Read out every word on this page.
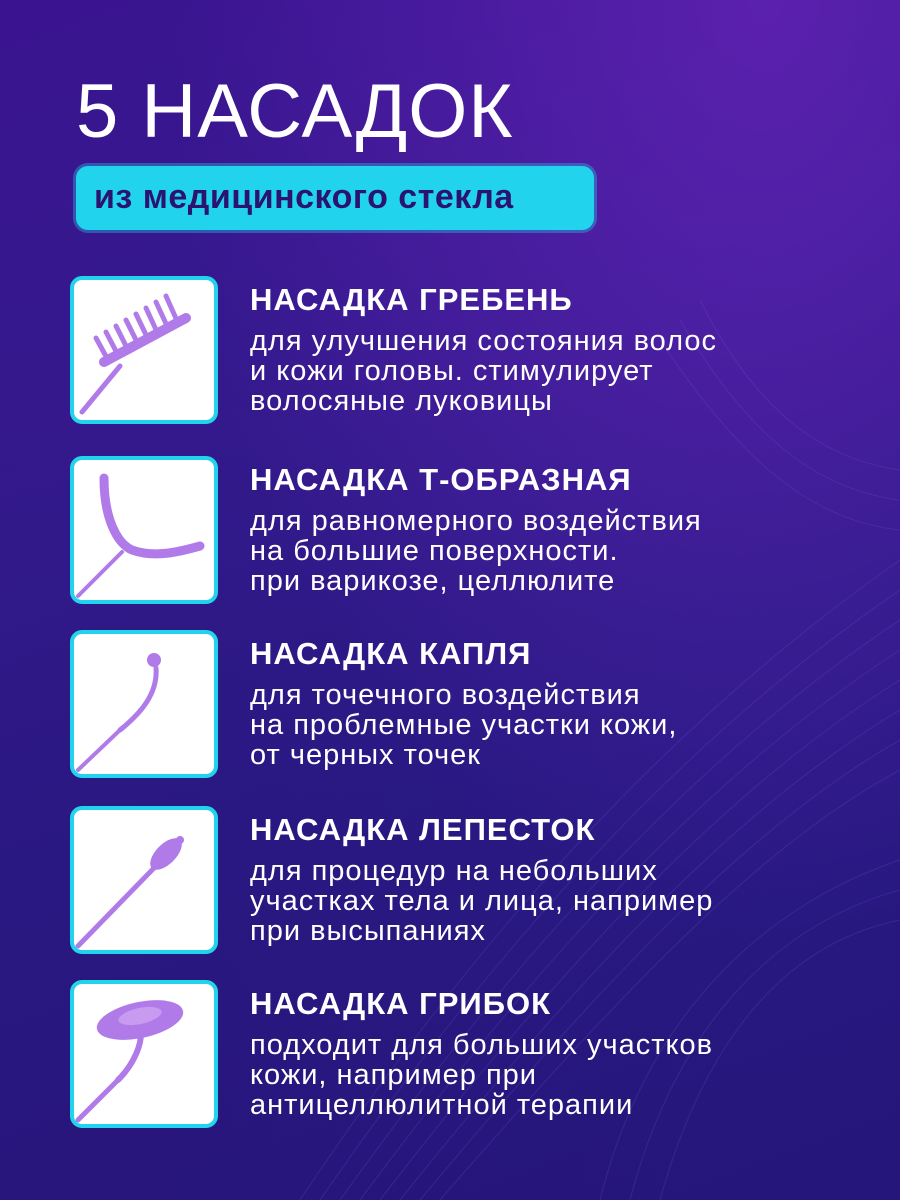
5 НАСАДОК
из медицинского стекла
НАСАДКА ГРЕБЕНЬ
для улучшения состояния волос
и кожи головы. стимулирует
волосяные луковицы
НАСАДКА Т-ОБРАЗНАЯ
для равномерного воздействия
на большие поверхности.
при варикозе, целлюлите
НАСАДКА КАПЛЯ
для точечного воздействия
на проблемные участки кожи,
от черных точек
НАСАДКА ЛЕПЕСТОК
для процедур на небольших
участках тела и лица, например
при высыпаниях
НАСАДКА ГРИБОК
подходит для больших участков
кожи, например при
антицеллюлитной терапии
